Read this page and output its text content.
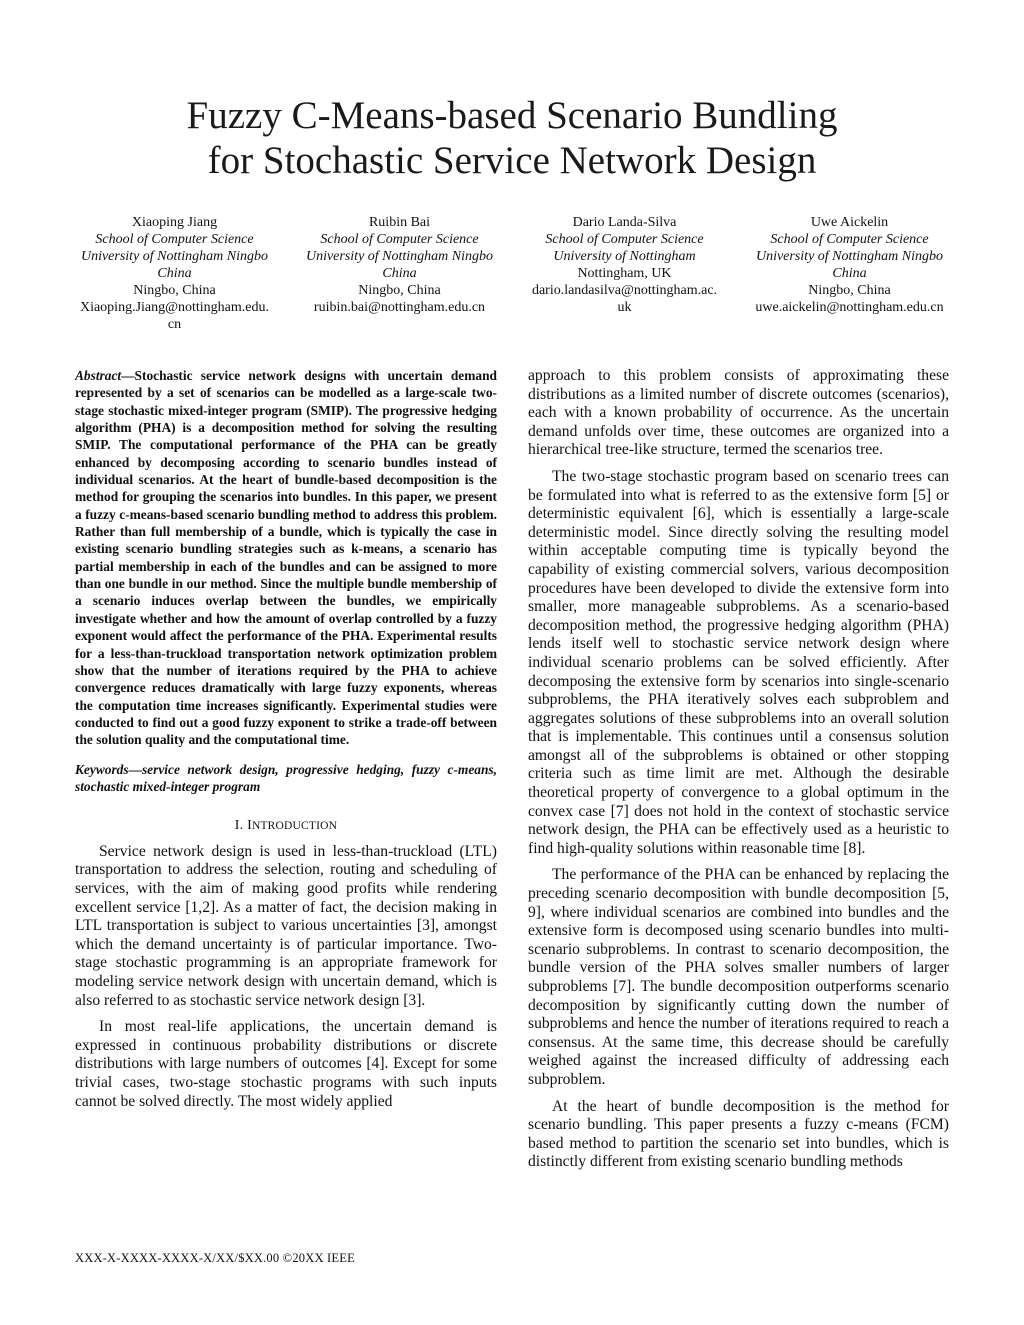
Fuzzy C-Means-based Scenario Bundling
for Stochastic Service Network Design
Xiaoping Jiang
School of Computer Science
University of Nottingham Ningbo
China
Ningbo, China
Xiaoping.Jiang@nottingham.edu.
cn
Ruibin Bai
School of Computer Science
University of Nottingham Ningbo
China
Ningbo, China
ruibin.bai@nottingham.edu.cn
Dario Landa-Silva
School of Computer Science
University of Nottingham
Nottingham, UK
dario.landasilva@nottingham.ac.
uk
Uwe Aickelin
School of Computer Science
University of Nottingham Ningbo
China
Ningbo, China
uwe.aickelin@nottingham.edu.cn

Abstract—Stochastic service network designs with uncertain demand represented by a set of scenarios can be modelled as a large-scale two-stage stochastic mixed-integer program (SMIP). The progressive hedging algorithm (PHA) is a decomposition method for solving the resulting SMIP. The computational performance of the PHA can be greatly enhanced by decomposing according to scenario bundles instead of individual scenarios. At the heart of bundle-based decomposition is the method for grouping the scenarios into bundles. In this paper, we present a fuzzy c-means-based scenario bundling method to address this problem. Rather than full membership of a bundle, which is typically the case in existing scenario bundling strategies such as k-means, a scenario has partial membership in each of the bundles and can be assigned to more than one bundle in our method. Since the multiple bundle membership of a scenario induces overlap between the bundles, we empirically investigate whether and how the amount of overlap controlled by a fuzzy exponent would affect the performance of the PHA. Experimental results for a less-than-truckload transportation network optimization problem show that the number of iterations required by the PHA to achieve convergence reduces dramatically with large fuzzy exponents, whereas the computation time increases significantly. Experimental studies were conducted to find out a good fuzzy exponent to strike a trade-off between the solution quality and the computational time.

Keywords—service network design, progressive hedging, fuzzy c-means, stochastic mixed-integer program

I. INTRODUCTION

Service network design is used in less-than-truckload (LTL) transportation to address the selection, routing and scheduling of services, with the aim of making good profits while rendering excellent service [1,2]. As a matter of fact, the decision making in LTL transportation is subject to various uncertainties [3], amongst which the demand uncertainty is of particular importance. Two-stage stochastic programming is an appropriate framework for modeling service network design with uncertain demand, which is also referred to as stochastic service network design [3].

In most real-life applications, the uncertain demand is expressed in continuous probability distributions or discrete distributions with large numbers of outcomes [4]. Except for some trivial cases, two-stage stochastic programs with such inputs cannot be solved directly. The most widely applied

approach to this problem consists of approximating these distributions as a limited number of discrete outcomes (scenarios), each with a known probability of occurrence. As the uncertain demand unfolds over time, these outcomes are organized into a hierarchical tree-like structure, termed the scenarios tree.

The two-stage stochastic program based on scenario trees can be formulated into what is referred to as the extensive form [5] or deterministic equivalent [6], which is essentially a large-scale deterministic model. Since directly solving the resulting model within acceptable computing time is typically beyond the capability of existing commercial solvers, various decomposition procedures have been developed to divide the extensive form into smaller, more manageable subproblems. As a scenario-based decomposition method, the progressive hedging algorithm (PHA) lends itself well to stochastic service network design where individual scenario problems can be solved efficiently. After decomposing the extensive form by scenarios into single-scenario subproblems, the PHA iteratively solves each subproblem and aggregates solutions of these subproblems into an overall solution that is implementable. This continues until a consensus solution amongst all of the subproblems is obtained or other stopping criteria such as time limit are met. Although the desirable theoretical property of convergence to a global optimum in the convex case [7] does not hold in the context of stochastic service network design, the PHA can be effectively used as a heuristic to find high-quality solutions within reasonable time [8].

The performance of the PHA can be enhanced by replacing the preceding scenario decomposition with bundle decomposition [5, 9], where individual scenarios are combined into bundles and the extensive form is decomposed using scenario bundles into multi-scenario subproblems. In contrast to scenario decomposition, the bundle version of the PHA solves smaller numbers of larger subproblems [7]. The bundle decomposition outperforms scenario decomposition by significantly cutting down the number of subproblems and hence the number of iterations required to reach a consensus. At the same time, this decrease should be carefully weighed against the increased difficulty of addressing each subproblem.

At the heart of bundle decomposition is the method for scenario bundling. This paper presents a fuzzy c-means (FCM) based method to partition the scenario set into bundles, which is distinctly different from existing scenario bundling methods

XXX-X-XXXX-XXXX-X/XX/$XX.00 ©20XX IEEE
